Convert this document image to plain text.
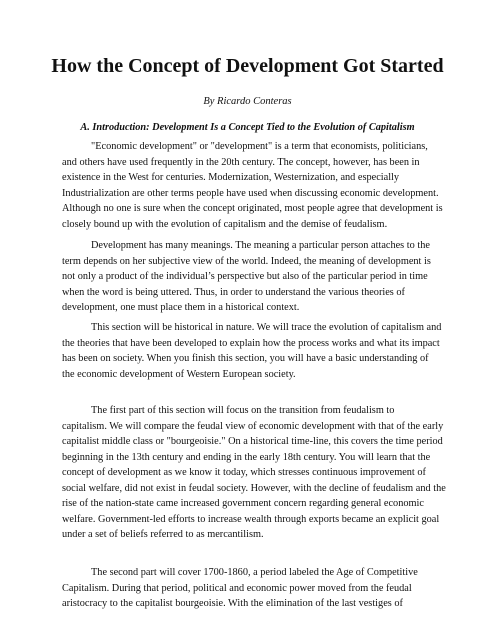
How the Concept of Development Got Started

By Ricardo Conteras

A. Introduction: Development Is a Concept Tied to the Evolution of Capitalism

"Economic development" or "development" is a term that economists, politicians,
and others have used frequently in the 20th century. The concept, however, has been in
existence in the West for centuries. Modernization, Westernization, and especially
Industrialization are other terms people have used when discussing economic development.
Although no one is sure when the concept originated, most people agree that development is
closely bound up with the evolution of capitalism and the demise of feudalism.
Development has many meanings. The meaning a particular person attaches to the
term depends on her subjective view of the world. Indeed, the meaning of development is
not only a product of the individual’s perspective but also of the particular period in time
when the word is being uttered. Thus, in order to understand the various theories of
development, one must place them in a historical context.
This section will be historical in nature. We will trace the evolution of capitalism and
the theories that have been developed to explain how the process works and what its impact
has been on society. When you finish this section, you will have a basic understanding of
the economic development of Western European society.
The first part of this section will focus on the transition from feudalism to
capitalism. We will compare the feudal view of economic development with that of the early
capitalist middle class or "bourgeoisie." On a historical time-line, this covers the time period
beginning in the 13th century and ending in the early 18th century. You will learn that the
concept of development as we know it today, which stresses continuous improvement of
social welfare, did not exist in feudal society. However, with the decline of feudalism and the
rise of the nation-state came increased government concern regarding general economic
welfare. Government-led efforts to increase wealth through exports became an explicit goal
under a set of beliefs referred to as mercantilism.
The second part will cover 1700-1860, a period labeled the Age of Competitive
Capitalism. During that period, political and economic power moved from the feudal
aristocracy to the capitalist bourgeoisie. With the elimination of the last vestiges of
